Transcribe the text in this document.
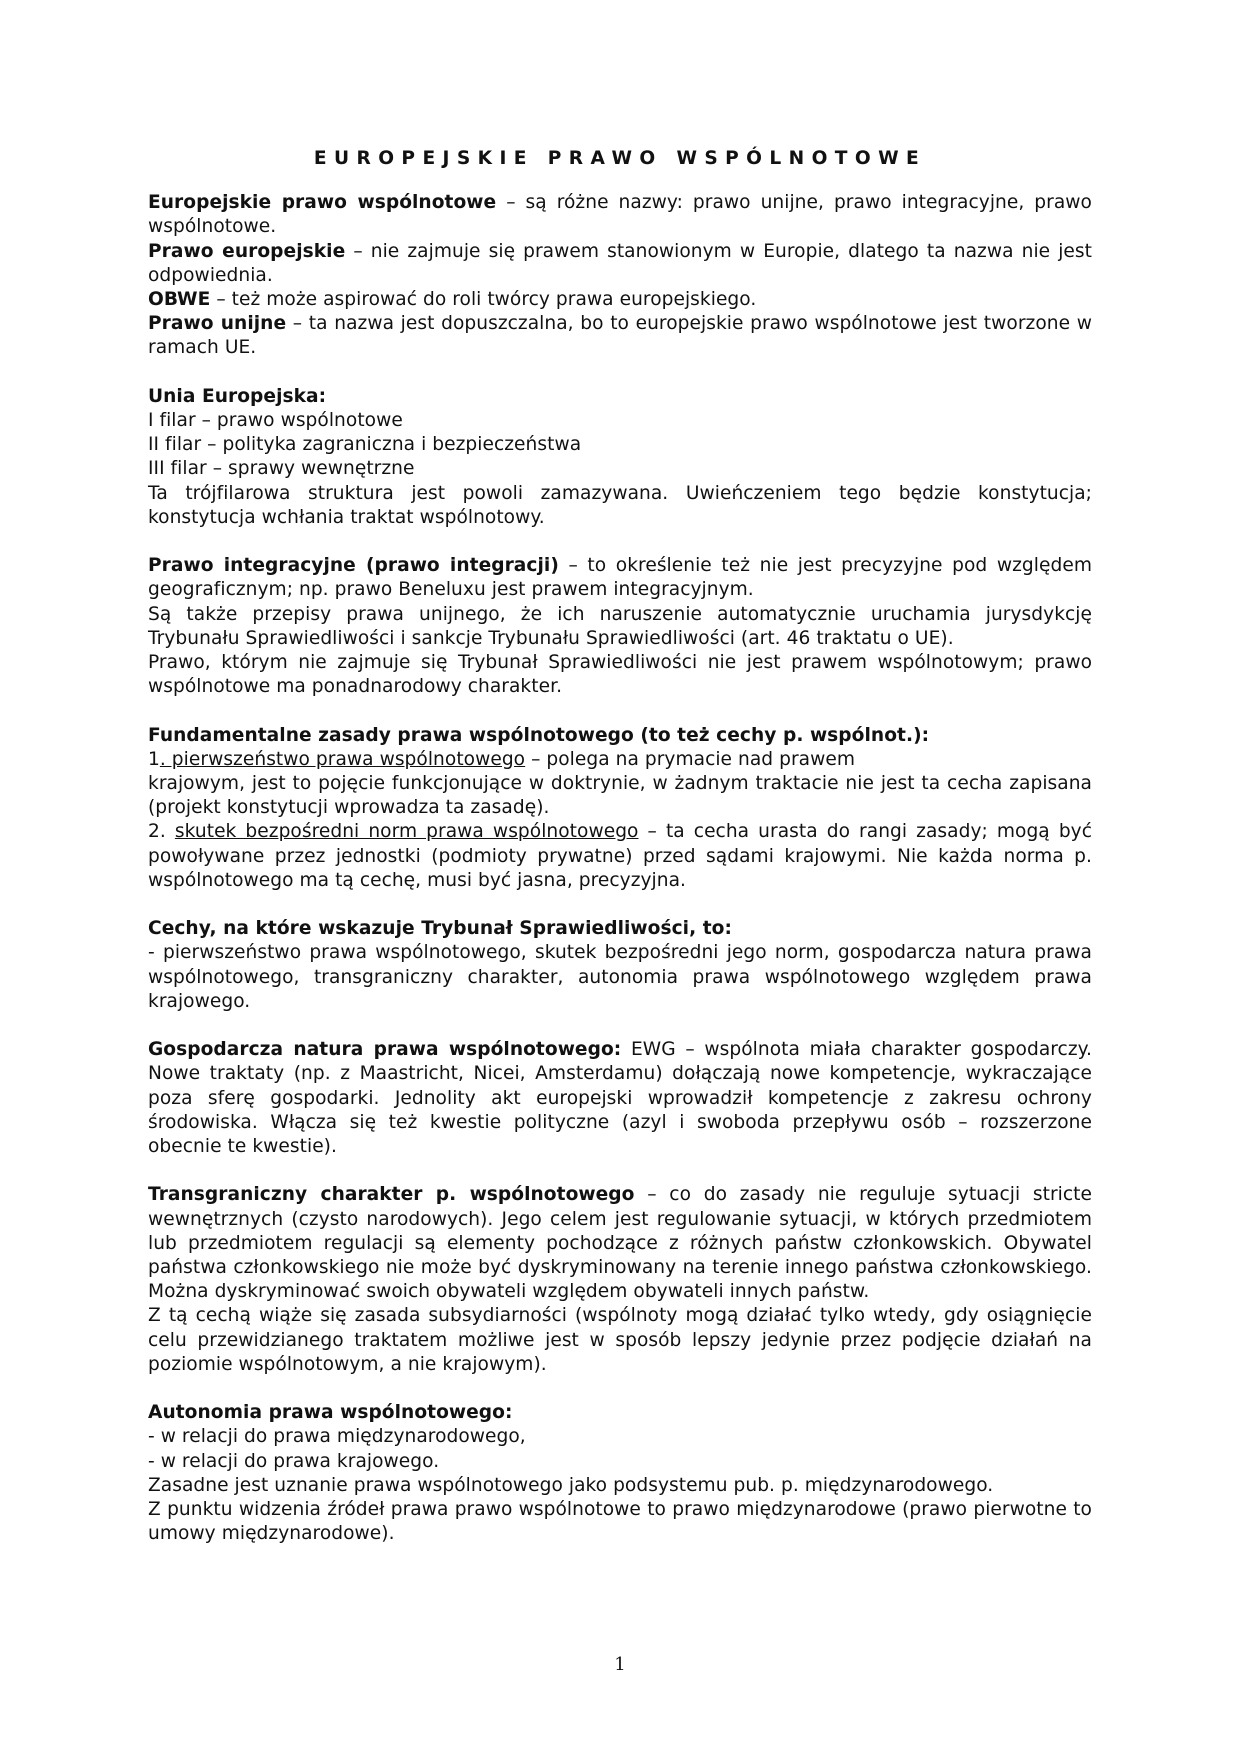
EUROPEJSKIE PRAWO WSPÓLNOTOWE

Europejskie prawo wspólnotowe – są różne nazwy: prawo unijne, prawo integracyjne, prawo wspólnotowe.

Prawo europejskie – nie zajmuje się prawem stanowionym w Europie, dlatego ta nazwa nie jest odpowiednia.

OBWE – też może aspirować do roli twórcy prawa europejskiego.

Prawo unijne – ta nazwa jest dopuszczalna, bo to europejskie prawo wspólnotowe jest tworzone w ramach UE.

Unia Europejska:

I filar – prawo wspólnotowe

II filar – polityka zagraniczna i bezpieczeństwa

III filar – sprawy wewnętrzne

Ta trójfilarowa struktura jest powoli zamazywana. Uwieńczeniem tego będzie konstytucja; konstytucja wchłania traktat wspólnotowy.

Prawo integracyjne (prawo integracji) – to określenie też nie jest precyzyjne pod względem geograficznym; np. prawo Beneluxu jest prawem integracyjnym.

Są także przepisy prawa unijnego, że ich naruszenie automatycznie uruchamia jurysdykcję Trybunału Sprawiedliwości i sankcje Trybunału Sprawiedliwości (art. 46 traktatu o UE).

Prawo, którym nie zajmuje się Trybunał Sprawiedliwości nie jest prawem wspólnotowym; prawo wspólnotowe ma ponadnarodowy charakter.

Fundamentalne zasady prawa wspólnotowego (to też cechy p. wspólnot.):

1. pierwszeństwo prawa wspólnotowego – polega na prymacie nad prawem

krajowym, jest to pojęcie funkcjonujące w doktrynie, w żadnym traktacie nie jest ta cecha zapisana (projekt konstytucji wprowadza ta zasadę).

2. skutek bezpośredni norm prawa wspólnotowego – ta cecha urasta do rangi zasady; mogą być powoływane przez jednostki (podmioty prywatne) przed sądami krajowymi. Nie każda norma p. wspólnotowego ma tą cechę, musi być jasna, precyzyjna.

Cechy, na które wskazuje Trybunał Sprawiedliwości, to:

- pierwszeństwo prawa wspólnotowego, skutek bezpośredni jego norm, gospodarcza natura prawa wspólnotowego, transgraniczny charakter, autonomia prawa wspólnotowego względem prawa krajowego.

Gospodarcza natura prawa wspólnotowego: EWG – wspólnota miała charakter gospodarczy. Nowe traktaty (np. z Maastricht, Nicei, Amsterdamu) dołączają nowe kompetencje, wykraczające poza sferę gospodarki. Jednolity akt europejski wprowadził kompetencje z zakresu ochrony środowiska. Włącza się też kwestie polityczne (azyl i swoboda przepływu osób – rozszerzone obecnie te kwestie).

Transgraniczny charakter p. wspólnotowego – co do zasady nie reguluje sytuacji stricte wewnętrznych (czysto narodowych). Jego celem jest regulowanie sytuacji, w których przedmiotem lub przedmiotem regulacji są elementy pochodzące z różnych państw członkowskich. Obywatel państwa członkowskiego nie może być dyskryminowany na terenie innego państwa członkowskiego. Można dyskryminować swoich obywateli względem obywateli innych państw.

Z tą cechą wiąże się zasada subsydiarności (wspólnoty mogą działać tylko wtedy, gdy osiągnięcie celu przewidzianego traktatem możliwe jest w sposób lepszy jedynie przez podjęcie działań na poziomie wspólnotowym, a nie krajowym).

Autonomia prawa wspólnotowego:

- w relacji do prawa międzynarodowego,

- w relacji do prawa krajowego.

Zasadne jest uznanie prawa wspólnotowego jako podsystemu pub. p. międzynarodowego.

Z punktu widzenia źródeł prawa prawo wspólnotowe to prawo międzynarodowe (prawo pierwotne to umowy międzynarodowe).

1
